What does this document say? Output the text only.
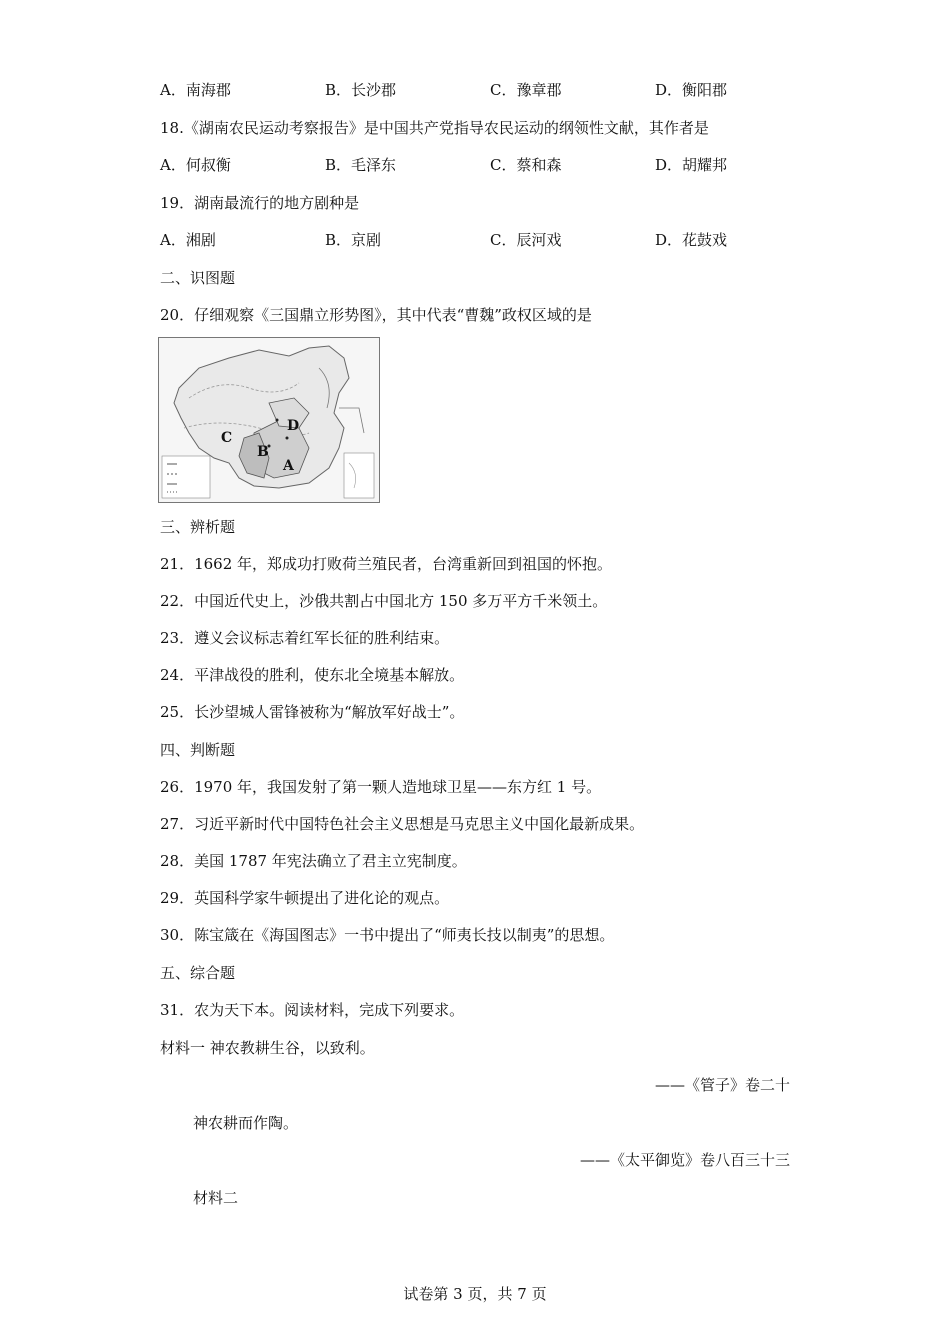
A．南海郡	B．长沙郡	C．豫章郡	D．衡阳郡
18.《湖南农民运动考察报告》是中国共产党指导农民运动的纲领性文献，其作者是
A．何叔衡	B．毛泽东	C．蔡和森	D．胡耀邦
19．湖南最流行的地方剧种是
A．湘剧	B．京剧	C．辰河戏	D．花鼓戏
二、识图题
20．仔细观察《三国鼎立形势图》，其中代表“曹魏”政权区域的是
A
B
C
D
三、辨析题
21．1662 年，郑成功打败荷兰殖民者，台湾重新回到祖国的怀抱。
22．中国近代史上，沙俄共割占中国北方 150 多万平方千米领土。
23．遵义会议标志着红军长征的胜利结束。
24．平津战役的胜利，使东北全境基本解放。
25．长沙望城人雷锋被称为“解放军好战士”。
四、判断题
26．1970 年，我国发射了第一颗人造地球卫星——东方红 1 号。
27．习近平新时代中国特色社会主义思想是马克思主义中国化最新成果。
28．美国 1787 年宪法确立了君主立宪制度。
29．英国科学家牛顿提出了进化论的观点。
30．陈宝箴在《海国图志》一书中提出了“师夷长技以制夷”的思想。
五、综合题
31．农为天下本。阅读材料，完成下列要求。
材料一 神农教耕生谷，以致利。
——《管子》卷二十
神农耕而作陶。
——《太平御览》卷八百三十三
材料二
试卷第 3 页，共 7 页
